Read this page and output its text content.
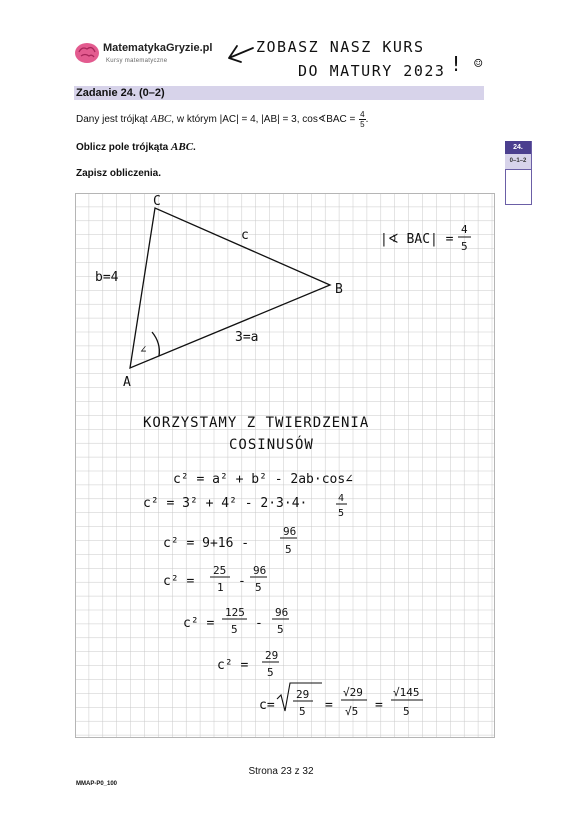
MatematykaGryzie.pl
Kursy matematyczne
ZOBASZ NASZ KURS
DO MATURY 2023 ! ☺
Zadanie 24. (0–2)
Dany jest trójkąt ABC, w którym |AC| = 4, |AB| = 3, cos∢BAC = $\frac{4}{5}$ .
Oblicz pole trójkąta ABC.
Zapisz obliczenia.
24.
0–1–2
∠
A
B
C
b=4
3=a
c	|∢ BAC| =
4
5
KORZYSTAMY Z TWIERDZENIA
COSINUSÓW
c² = a² + b² - 2ab·cos∠
c² = 3² + 4² - 2·3·4·	4
5
c² = 9+16 -
96
5
c² =
25
1 -
96
5
c² =
125
5 -
96
5
c² =
29
5
c=
29
5 =
√29
√5 =
√145
5
Strona 23 z 32
MMAP-P0_100
